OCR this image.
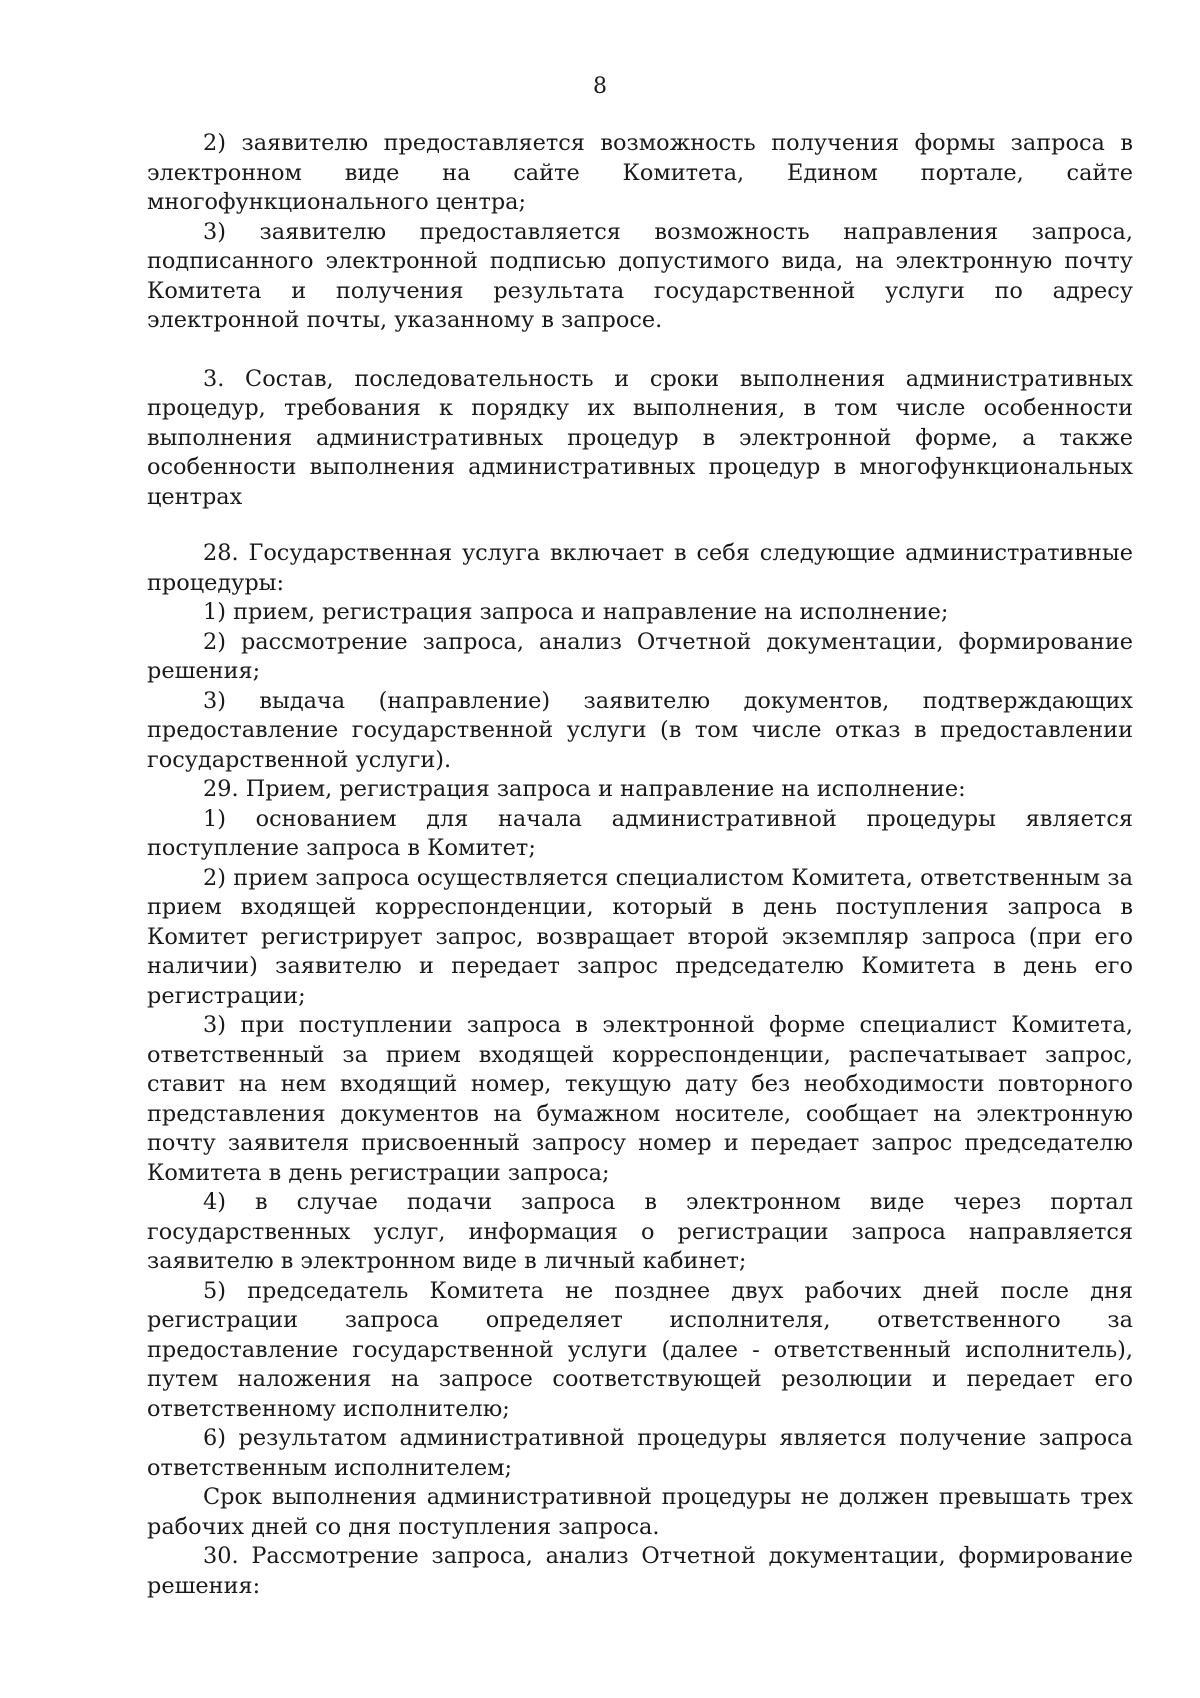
8

2) заявителю предоставляется возможность получения формы запроса в электронном виде на сайте Комитета, Едином портале, сайте многофункционального центра;

3) заявителю предоставляется возможность направления запроса, подписанного электронной подписью допустимого вида, на электронную почту Комитета и получения результата государственной услуги по адресу электронной почты, указанному в запросе.

3. Состав, последовательность и сроки выполнения административных процедур, требования к порядку их выполнения, в том числе особенности выполнения административных процедур в электронной форме, а также особенности выполнения административных процедур в многофункциональных центрах

28. Государственная услуга включает в себя следующие административные процедуры:

1) прием, регистрация запроса и направление на исполнение;

2) рассмотрение запроса, анализ Отчетной документации, формирование решения;

3) выдача (направление) заявителю документов, подтверждающих предоставление государственной услуги (в том числе отказ в предоставлении государственной услуги).

29. Прием, регистрация запроса и направление на исполнение:

1) основанием для начала административной процедуры является поступление запроса в Комитет;

2) прием запроса осуществляется специалистом Комитета, ответственным за прием входящей корреспонденции, который в день поступления запроса в Комитет регистрирует запрос, возвращает второй экземпляр запроса (при его наличии) заявителю и передает запрос председателю Комитета в день его регистрации;

3) при поступлении запроса в электронной форме специалист Комитета, ответственный за прием входящей корреспонденции, распечатывает запрос, ставит на нем входящий номер, текущую дату без необходимости повторного представления документов на бумажном носителе, сообщает на электронную почту заявителя присвоенный запросу номер и передает запрос председателю Комитета в день регистрации запроса;

4) в случае подачи запроса в электронном виде через портал государственных услуг, информация о регистрации запроса направляется заявителю в электронном виде в личный кабинет;

5) председатель Комитета не позднее двух рабочих дней после дня регистрации запроса определяет исполнителя, ответственного за предоставление государственной услуги (далее - ответственный исполнитель), путем наложения на запросе соответствующей резолюции и передает его ответственному исполнителю;

6) результатом административной процедуры является получение запроса ответственным исполнителем;

Срок выполнения административной процедуры не должен превышать трех рабочих дней со дня поступления запроса.

30. Рассмотрение запроса, анализ Отчетной документации, формирование решения:
